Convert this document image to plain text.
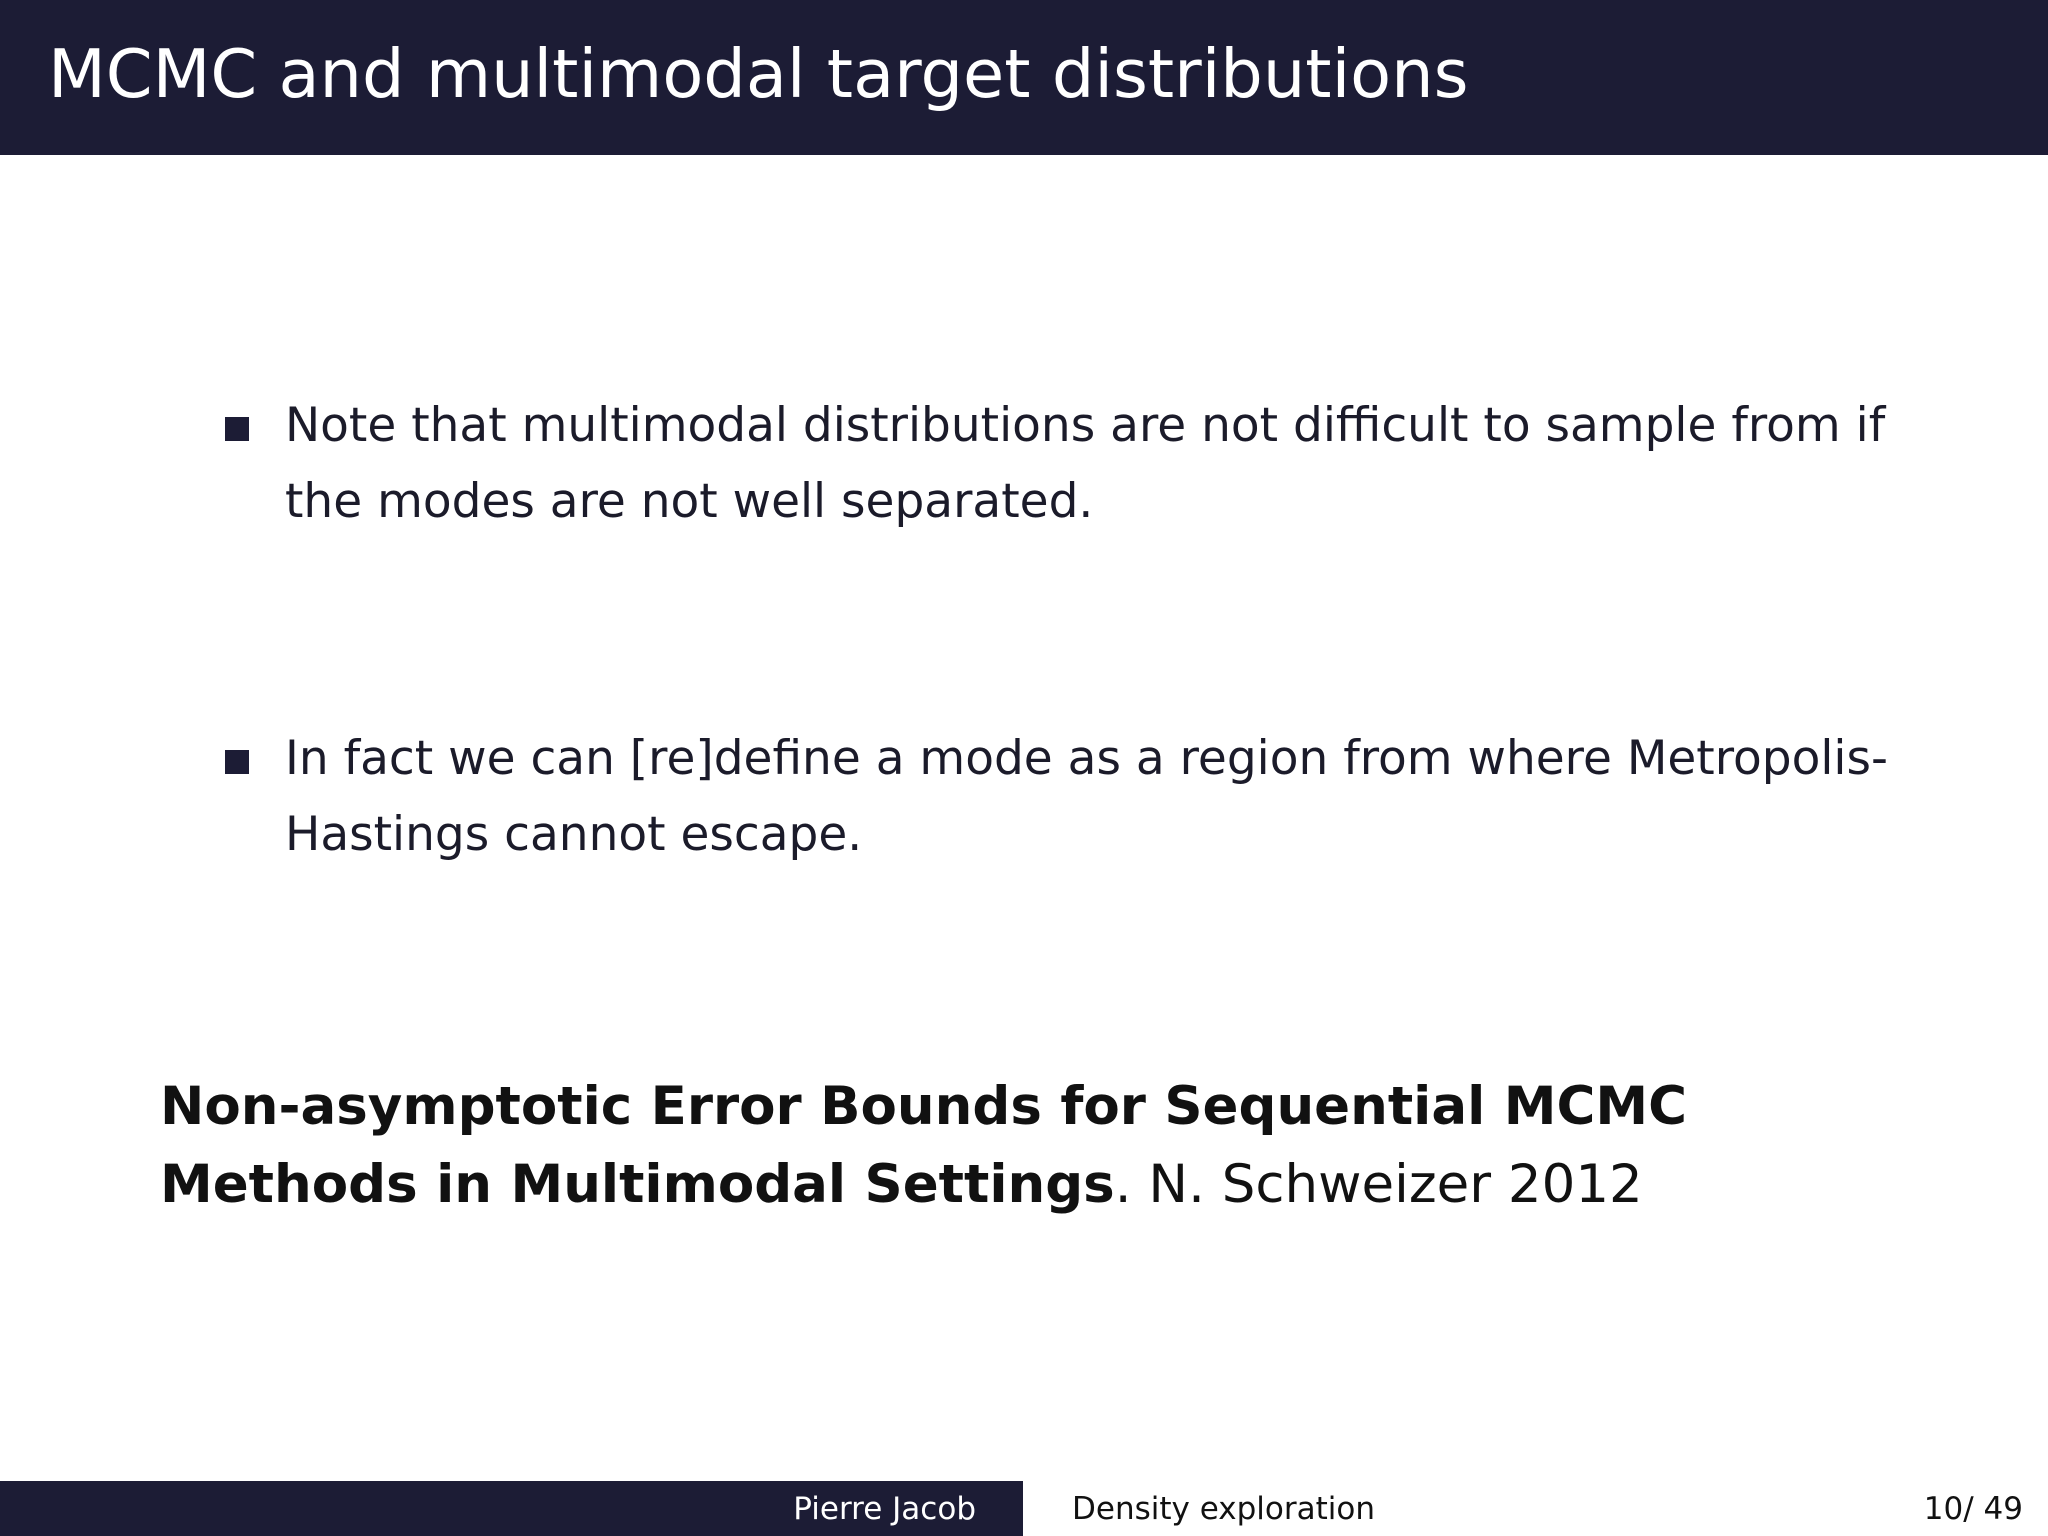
MCMC and multimodal target distributions
Note that multimodal distributions are not difficult to sample from if the modes are not well separated.
In fact we can [re]define a mode as a region from where Metropolis-Hastings cannot escape.
Non-asymptotic Error Bounds for Sequential MCMC
Methods in Multimodal Settings. N. Schweizer 2012
Pierre Jacob	Density exploration	10/ 49
